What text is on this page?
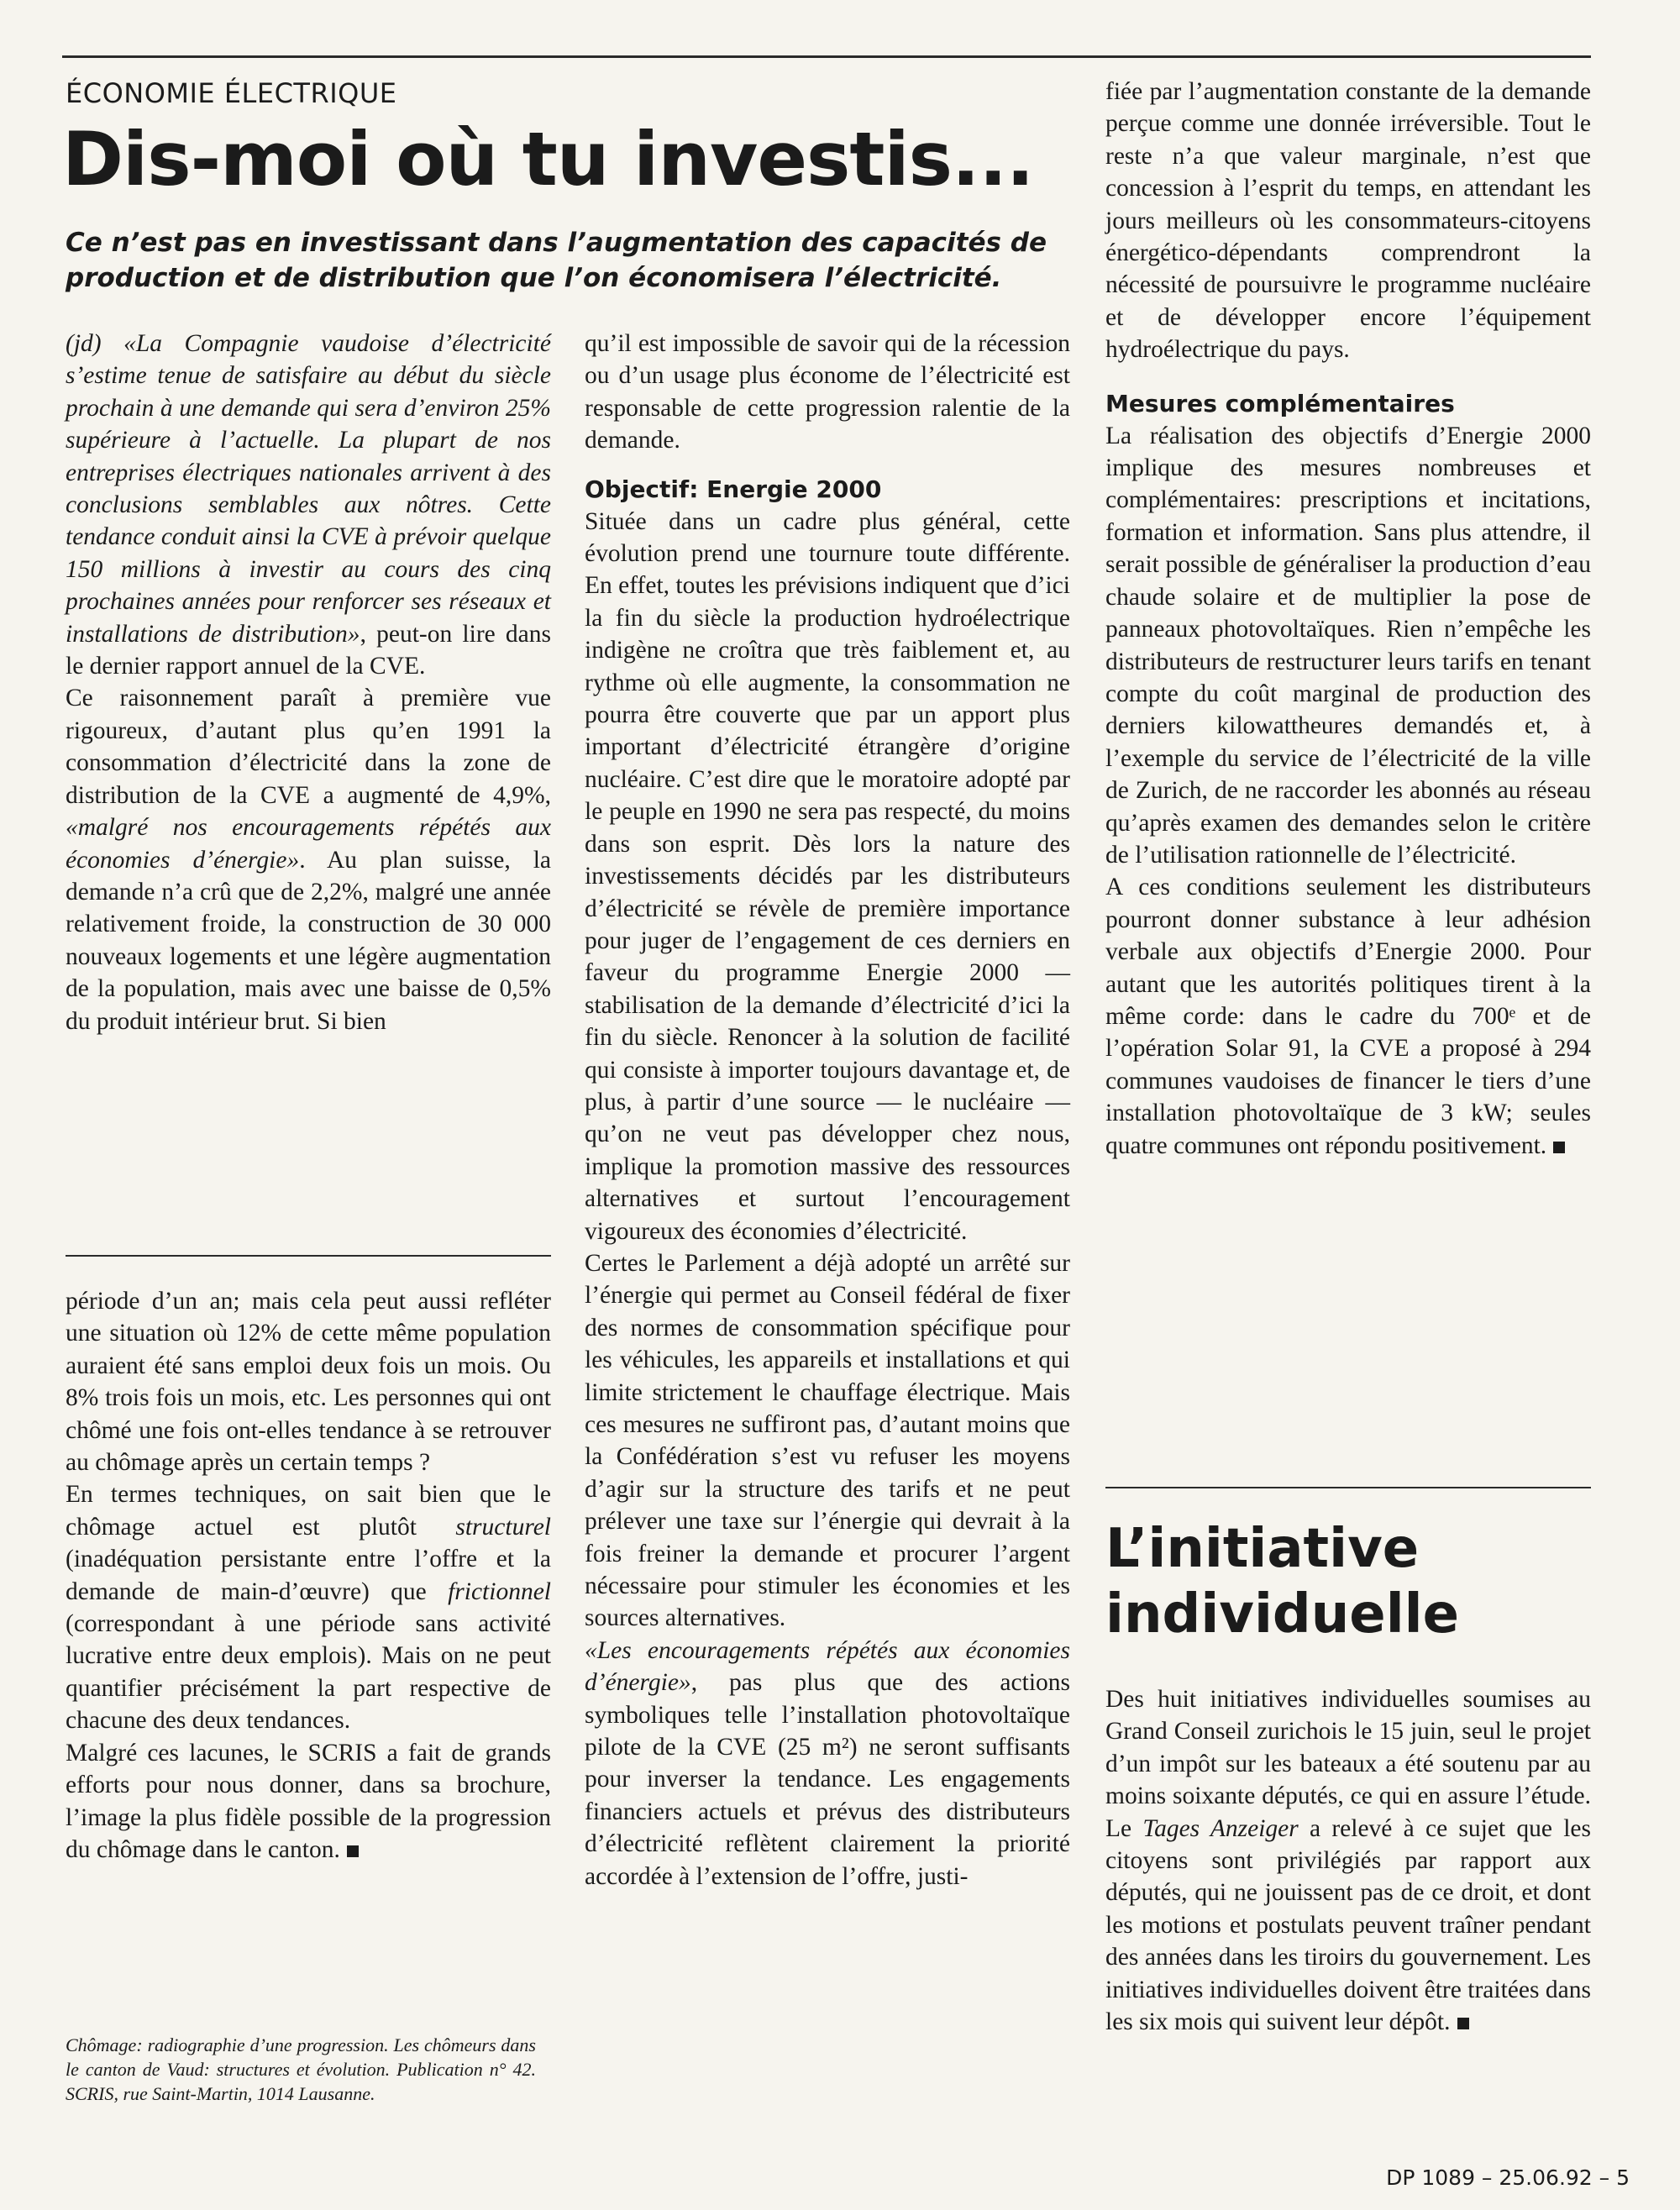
ÉCONOMIE ÉLECTRIQUE
Dis-moi où tu investis...

Ce n’est pas en investissant dans l’augmentation des capacités de production et de distribution que l’on économisera l’électricité.

(jd) «La Compagnie vaudoise d’électricité s’estime tenue de satisfaire au début du siècle prochain à une demande qui sera d’environ 25% supérieure à l’actuelle. La plupart de nos entreprises électriques nationales arrivent à des conclusions semblables aux nôtres. Cette tendance conduit ainsi la CVE à prévoir quelque 150 millions à investir au cours des cinq prochaines années pour renforcer ses réseaux et installations de distribution», peut-on lire dans le dernier rapport annuel de la CVE.

Ce raisonnement paraît à première vue rigoureux, d’autant plus qu’en 1991 la consommation d’électricité dans la zone de distribution de la CVE a augmenté de 4,9%, «malgré nos encouragements répétés aux économies d’énergie». Au plan suisse, la demande n’a crû que de 2,2%, malgré une année relativement froide, la construction de 30 000 nouveaux logements et une légère augmentation de la population, mais avec une baisse de 0,5% du produit intérieur brut. Si bien

période d’un an; mais cela peut aussi refléter une situation où 12% de cette même population auraient été sans emploi deux fois un mois. Ou 8% trois fois un mois, etc. Les personnes qui ont chômé une fois ont-elles tendance à se retrouver au chômage après un certain temps ?

En termes techniques, on sait bien que le chômage actuel est plutôt structurel (inadéquation persistante entre l’offre et la demande de main-d’œuvre) que frictionnel (correspondant à une période sans activité lucrative entre deux emplois). Mais on ne peut quantifier précisément la part respective de chacune des deux tendances.

Malgré ces lacunes, le SCRIS a fait de grands efforts pour nous donner, dans sa brochure, l’image la plus fidèle possible de la progression du chômage dans le canton.

Chômage: radiographie d’une progression. Les chômeurs dans le canton de Vaud: structures et évolution. Publication n° 42. SCRIS, rue Saint-Martin, 1014 Lausanne.

qu’il est impossible de savoir qui de la récession ou d’un usage plus économe de l’électricité est responsable de cette progression ralentie de la demande.

Objectif: Energie 2000

Située dans un cadre plus général, cette évolution prend une tournure toute différente. En effet, toutes les prévisions indiquent que d’ici la fin du siècle la production hydroélectrique indigène ne croîtra que très faiblement et, au rythme où elle augmente, la consommation ne pourra être couverte que par un apport plus important d’électricité étrangère d’origine nucléaire. C’est dire que le moratoire adopté par le peuple en 1990 ne sera pas respecté, du moins dans son esprit. Dès lors la nature des investissements décidés par les distributeurs d’électricité se révèle de première importance pour juger de l’engagement de ces derniers en faveur du programme Energie 2000 — stabilisation de la demande d’électricité d’ici la fin du siècle. Renoncer à la solution de facilité qui consiste à importer toujours davantage et, de plus, à partir d’une source — le nucléaire — qu’on ne veut pas développer chez nous, implique la promotion massive des ressources alternatives et surtout l’encouragement vigoureux des économies d’électricité.

Certes le Parlement a déjà adopté un arrêté sur l’énergie qui permet au Conseil fédéral de fixer des normes de consommation spécifique pour les véhicules, les appareils et installations et qui limite strictement le chauffage électrique. Mais ces mesures ne suffiront pas, d’autant moins que la Confédération s’est vu refuser les moyens d’agir sur la structure des tarifs et ne peut prélever une taxe sur l’énergie qui devrait à la fois freiner la demande et procurer l’argent nécessaire pour stimuler les économies et les sources alternatives.

«Les encouragements répétés aux économies d’énergie», pas plus que des actions symboliques telle l’installation photovoltaïque pilote de la CVE (25 m²) ne seront suffisants pour inverser la tendance. Les engagements financiers actuels et prévus des distributeurs d’électricité reflètent clairement la priorité accordée à l’extension de l’offre, justi-

fiée par l’augmentation constante de la demande perçue comme une donnée irréversible. Tout le reste n’a que valeur marginale, n’est que concession à l’esprit du temps, en attendant les jours meilleurs où les consommateurs-citoyens énergético-dépendants comprendront la nécessité de poursuivre le programme nucléaire et de développer encore l’équipement hydroélectrique du pays.

Mesures complémentaires

La réalisation des objectifs d’Energie 2000 implique des mesures nombreuses et complémentaires: prescriptions et incitations, formation et information. Sans plus attendre, il serait possible de généraliser la production d’eau chaude solaire et de multiplier la pose de panneaux photovoltaïques. Rien n’empêche les distributeurs de restructurer leurs tarifs en tenant compte du coût marginal de production des derniers kilowattheures demandés et, à l’exemple du service de l’électricité de la ville de Zurich, de ne raccorder les abonnés au réseau qu’après examen des demandes selon le critère de l’utilisation rationnelle de l’électricité.

A ces conditions seulement les distributeurs pourront donner substance à leur adhésion verbale aux objectifs d’Energie 2000. Pour autant que les autorités politiques tirent à la même corde: dans le cadre du 700ᵉ et de l’opération Solar 91, la CVE a proposé à 294 communes vaudoises de financer le tiers d’une installation photovoltaïque de 3 kW; seules quatre communes ont répondu positivement.

L’initiative
individuelle

Des huit initiatives individuelles soumises au Grand Conseil zurichois le 15 juin, seul le projet d’un impôt sur les bateaux a été soutenu par au moins soixante députés, ce qui en assure l’étude. Le Tages Anzeiger a relevé à ce sujet que les citoyens sont privilégiés par rapport aux députés, qui ne jouissent pas de ce droit, et dont les motions et postulats peuvent traîner pendant des années dans les tiroirs du gouvernement. Les initiatives individuelles doivent être traitées dans les six mois qui suivent leur dépôt.

DP 1089 – 25.06.92 – 5
